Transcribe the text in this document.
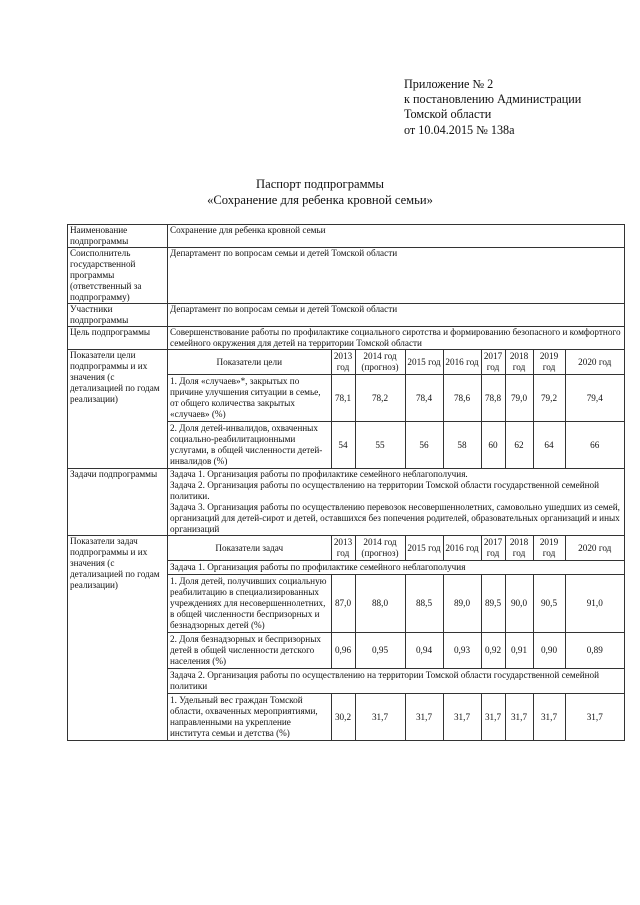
Приложение № 2
к постановлению Администрации
Томской области
от 10.04.2015 № 138а
Паспорт подпрограммы
«Сохранение для ребенка кровной семьи»
Наименование подпрограммы	Сохранение для ребенка кровной семьи
Соисполнитель государственной программы (ответственный за подпрограмму)	Департамент по вопросам семьи и детей Томской области
Участники подпрограммы	Департамент по вопросам семьи и детей Томской области
Цель подпрограммы	Совершенствование работы по профилактике социального сиротства и формированию безопасного и комфортного семейного окружения для детей на территории Томской области
Показатели цели подпрограммы и их значения (с детализацией по годам реализации)	
Показатели цели	2013 год	2014 год (прогноз)	2015 год	2016 год	2017 год	2018 год	2019 год	2020 год
1. Доля «случаев»*, закрытых по причине улучшения ситуации в семье, от общего количества закрытых «случаев» (%)	78,1	78,2	78,4	78,6	78,8	79,0	79,2	79,4
2. Доля детей-инвалидов, охваченных социально-реабилитационными услугами, в общей численности детей-инвалидов (%)	54	55	56	58	60	62	64	66

Задачи подпрограммы	Задача 1. Организация работы по профилактике семейного неблагополучия.
Задача 2. Организация работы по осуществлению на территории Томской области государственной семейной политики.
Задача 3. Организация работы по осуществлению перевозок несовершеннолетних, самовольно ушедших из семей, организаций для детей-сирот и детей, оставшихся без попечения родителей, образовательных организаций и иных организаций

Показатели задач подпрограммы и их значения (с детализацией по годам реализации)	
Показатели задач	2013 год	2014 год (прогноз)	2015 год	2016 год	2017 год	2018 год	2019 год	2020 год
Задача 1. Организация работы по профилактике семейного неблагополучия
1. Доля детей, получивших социальную реабилитацию в специализированных учреждениях для несовершеннолетних, в общей численности беспризорных и безнадзорных детей (%)	87,0	88,0	88,5	89,0	89,5	90,0	90,5	91,0
2. Доля безнадзорных и беспризорных детей в общей численности детского населения (%)	0,96	0,95	0,94	0,93	0,92	0,91	0,90	0,89
Задача 2. Организация работы по осуществлению на территории Томской области государственной семейной политики
1. Удельный вес граждан Томской области, охваченных мероприятиями, направленными на укрепление института семьи и детства (%)	30,2	31,7	31,7	31,7	31,7	31,7	31,7	31,7
